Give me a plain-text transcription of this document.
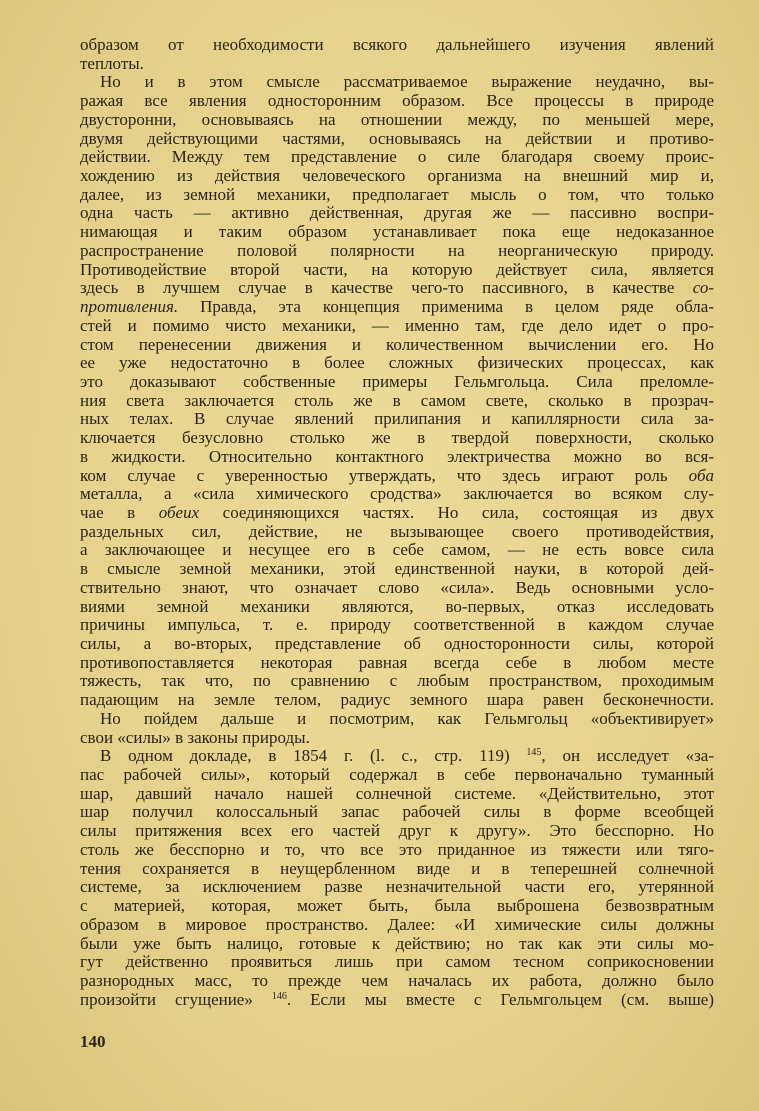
образом от необходимости всякого дальнейшего изучения явлений
теплоты.
Но и в этом смысле рассматриваемое выражение неудачно, вы-
ражая все явления односторонним образом. Все процессы в природе
двусторонни, основываясь на отношении между, по меньшей мере,
двумя действующими частями, основываясь на действии и противо-
действии. Между тем представление о силе благодаря своему проис-
хождению из действия человеческого организма на внешний мир и,
далее, из земной механики, предполагает мысль о том, что только
одна часть — активно действенная, другая же — пассивно воспри-
нимающая и таким образом устанавливает пока еще недоказанное
распространение половой полярности на неорганическую природу.
Противодействие второй части, на которую действует сила, является
здесь в лучшем случае в качестве чего-то пассивного, в качестве со-
противления. Правда, эта концепция применима в целом ряде обла-
стей и помимо чисто механики, — именно там, где дело идет о про-
стом перенесении движения и количественном вычислении его. Но
ее уже недостаточно в более сложных физических процессах, как
это доказывают собственные примеры Гельмгольца. Сила преломле-
ния света заключается столь же в самом свете, сколько в прозрач-
ных телах. В случае явлений прилипания и капиллярности сила за-
ключается безусловно столько же в твердой поверхности, сколько
в жидкости. Относительно контактного электричества можно во вся-
ком случае с уверенностью утверждать, что здесь играют роль оба
металла, а «сила химического сродства» заключается во всяком слу-
чае в обеих соединяющихся частях. Но сила, состоящая из двух
раздельных сил, действие, не вызывающее своего противодействия,
а заключающее и несущее его в себе самом, — не есть вовсе сила
в смысле земной механики, этой единственной науки, в которой дей-
ствительно знают, что означает слово «сила». Ведь основными усло-
виями земной механики являются, во-первых, отказ исследовать
причины импульса, т. е. природу соответственной в каждом случае
силы, а во-вторых, представление об односторонности силы, которой
противопоставляется некоторая равная всегда себе в любом месте
тяжесть, так что, по сравнению с любым пространством, проходимым
падающим на земле телом, радиус земного шара равен бесконечности.
Но пойдем дальше и посмотрим, как Гельмгольц «объективирует»
свои «силы» в законы природы.
В одном докладе, в 1854 г. (l. с., стр. 119) $^{145}$, он исследует «за-
пас рабочей силы», который содержал в себе первоначально туманный
шар, давший начало нашей солнечной системе. «Действительно, этот
шар получил колоссальный запас рабочей силы в форме всеобщей
силы притяжения всех его частей друг к другу». Это бесспорно. Но
столь же бесспорно и то, что все это приданное из тяжести или тяго-
тения сохраняется в неущербленном виде и в теперешней солнечной
системе, за исключением разве незначительной части его, утерянной
с материей, которая, может быть, была выброшена безвозвратным
образом в мировое пространство. Далее: «И химические силы должны
были уже быть налицо, готовые к действию; но так как эти силы мо-
гут действенно проявиться лишь при самом тесном соприкосновении
разнородных масс, то прежде чем началась их работа, должно было
произойти сгущение» $^{146}$. Если мы вместе с Гельмгольцем (см. выше)
140
